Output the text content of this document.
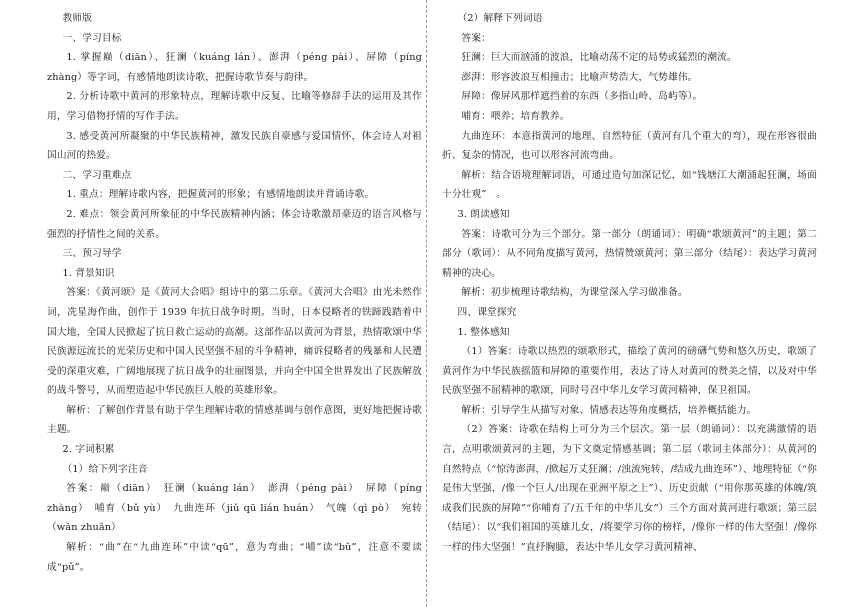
教师版

一、学习目标

1. 掌握巅（diān）、狂澜（kuáng lán）、澎湃（péng pài）、屏障（píng zhàng）等字词，有感情地朗读诗歌，把握诗歌节奏与韵律。

2. 分析诗歌中黄河的形象特点，理解诗歌中反复、比喻等修辞手法的运用及其作用，学习借物抒情的写作手法。

3. 感受黄河所凝聚的中华民族精神，激发民族自豪感与爱国情怀，体会诗人对祖国山河的热爱。

二、学习重难点

1. 重点：理解诗歌内容，把握黄河的形象；有感情地朗读并背诵诗歌。

2. 难点：领会黄河所象征的中华民族精神内涵；体会诗歌激昂豪迈的语言风格与强烈的抒情性之间的关系。

三、预习导学

1. 背景知识

答案：《黄河颂》是《黄河大合唱》组诗中的第二乐章。《黄河大合唱》由光未然作词，冼星海作曲，创作于 1939 年抗日战争时期。当时，日本侵略者的铁蹄践踏着中国大地，全国人民掀起了抗日救亡运动的高潮。这部作品以黄河为背景，热情歌颂中华民族源远流长的光荣历史和中国人民坚强不屈的斗争精神，痛诉侵略者的残暴和人民遭受的深重灾难，广阔地展现了抗日战争的壮丽图景，并向全中国全世界发出了民族解放的战斗警号，从而塑造起中华民族巨人般的英雄形象。

解析：了解创作背景有助于学生理解诗歌的情感基调与创作意图，更好地把握诗歌主题。

2. 字词积累

（1）给下列字注音

答案：巅（diān）　狂澜（kuáng lán）　澎湃（péng pài）　屏障（píng zhàng）　哺育（bǔ yù）　九曲连环（jiǔ qū lián huán）　气魄（qì pò）　宛转（wǎn zhuǎn）

解析：“曲”在“九曲连环”中读“qū”，意为弯曲；“哺”读“bǔ”，注意不要读成“pǔ”。

（2）解释下列词语

答案：

狂澜：巨大而汹涌的波浪，比喻动荡不定的局势或猛烈的潮流。

澎湃：形容波浪互相撞击；比喻声势浩大，气势雄伟。

屏障：像屏风那样遮挡着的东西（多指山岭、岛屿等）。

哺育：喂养；培育教养。

九曲连环：本意指黄河的地理、自然特征（黄河有几个重大的弯），现在形容很曲折、复杂的情况，也可以形容河流弯曲。

解析：结合语境理解词语，可通过造句加深记忆，如“钱塘江大潮涌起狂澜，场面十分壮观”　。

3. 朗读感知

答案：诗歌可分为三个部分。第一部分（朗诵词）：明确“歌颂黄河”的主题；第二部分（歌词）：从不同角度描写黄河，热情赞颂黄河；第三部分（结尾）：表达学习黄河精神的决心。

解析：初步梳理诗歌结构，为课堂深入学习做准备。

四、课堂探究

1. 整体感知

（1）答案：诗歌以热烈的颂歌形式，描绘了黄河的磅礴气势和悠久历史，歌颂了黄河作为中华民族摇篮和屏障的重要作用，表达了诗人对黄河的赞美之情，以及对中华民族坚强不屈精神的歌颂，同时号召中华儿女学习黄河精神，保卫祖国。

解析：引导学生从描写对象、情感表达等角度概括，培养概括能力。

（2）答案：诗歌在结构上可分为三个层次。第一层（朗诵词）：以充满激情的语言，点明歌颂黄河的主题，为下文奠定情感基调；第二层（歌词主体部分）：从黄河的自然特点（“惊涛澎湃，/掀起万丈狂澜；/浊流宛转，/结成九曲连环”）、地理特征（“你是伟大坚强，/像一个巨人/出现在亚洲平原之上”）、历史贡献（“用你那英雄的体魄/筑成我们民族的屏障”“你哺育了/五千年的中华儿女”）三个方面对黄河进行歌颂；第三层（结尾）：以“我们祖国的英雄儿女，/将要学习你的榜样，/像你一样的伟大坚强！/像你一样的伟大坚强！”直抒胸臆，表达中华儿女学习黄河精神、
